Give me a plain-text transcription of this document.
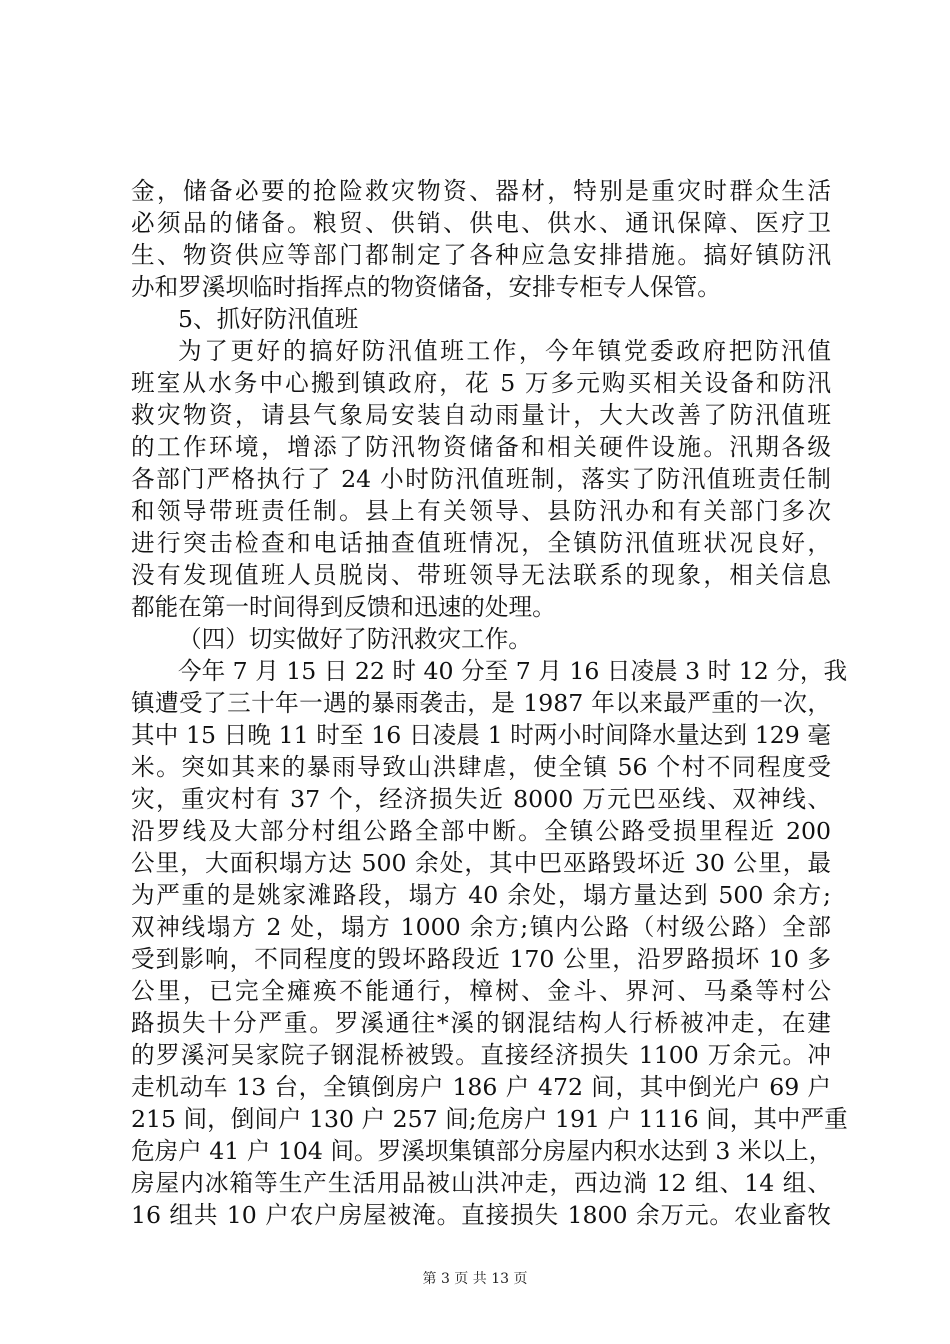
金，储备必要的抢险救灾物资、器材，特别是重灾时群众生活
必须品的储备。粮贸、供销、供电、供水、通讯保障、医疗卫
生、物资供应等部门都制定了各种应急安排措施。搞好镇防汛
办和罗溪坝临时指挥点的物资储备，安排专柜专人保管。
5、抓好防汛值班
为了更好的搞好防汛值班工作，今年镇党委政府把防汛值
班室从水务中心搬到镇政府，花 5 万多元购买相关设备和防汛
救灾物资，请县气象局安装自动雨量计，大大改善了防汛值班
的工作环境，增添了防汛物资储备和相关硬件设施。汛期各级
各部门严格执行了 24 小时防汛值班制，落实了防汛值班责任制
和领导带班责任制。县上有关领导、县防汛办和有关部门多次
进行突击检查和电话抽查值班情况，全镇防汛值班状况良好，
没有发现值班人员脱岗、带班领导无法联系的现象，相关信息
都能在第一时间得到反馈和迅速的处理。
（四）切实做好了防汛救灾工作。
今年 7 月 15 日 22 时 40 分至 7 月 16 日凌晨 3 时 12 分，我
镇遭受了三十年一遇的暴雨袭击，是 1987 年以来最严重的一次，
其中 15 日晚 11 时至 16 日凌晨 1 时两小时间降水量达到 129 毫
米。突如其来的暴雨导致山洪肆虐，使全镇 56 个村不同程度受
灾，重灾村有 37 个，经济损失近 8000 万元巴巫线、双神线、
沿罗线及大部分村组公路全部中断。全镇公路受损里程近 200
公里，大面积塌方达 500 余处，其中巴巫路毁坏近 30 公里，最
为严重的是姚家滩路段，塌方 40 余处，塌方量达到 500 余方;
双神线塌方 2 处，塌方 1000 余方;镇内公路（村级公路）全部
受到影响，不同程度的毁坏路段近 170 公里，沿罗路损坏 10 多
公里，已完全瘫痪不能通行，樟树、金斗、界河、马桑等村公
路损失十分严重。罗溪通往*溪的钢混结构人行桥被冲走，在建
的罗溪河吴家院子钢混桥被毁。直接经济损失 1100 万余元。冲
走机动车 13 台，全镇倒房户 186 户 472 间，其中倒光户 69 户
215 间，倒间户 130 户 257 间;危房户 191 户 1116 间，其中严重
危房户 41 户 104 间。罗溪坝集镇部分房屋内积水达到 3 米以上，
房屋内冰箱等生产生活用品被山洪冲走，西边淌 12 组、14 组、
16 组共 10 户农户房屋被淹。直接损失 1800 余万元。农业畜牧
第 3 页 共 13 页
